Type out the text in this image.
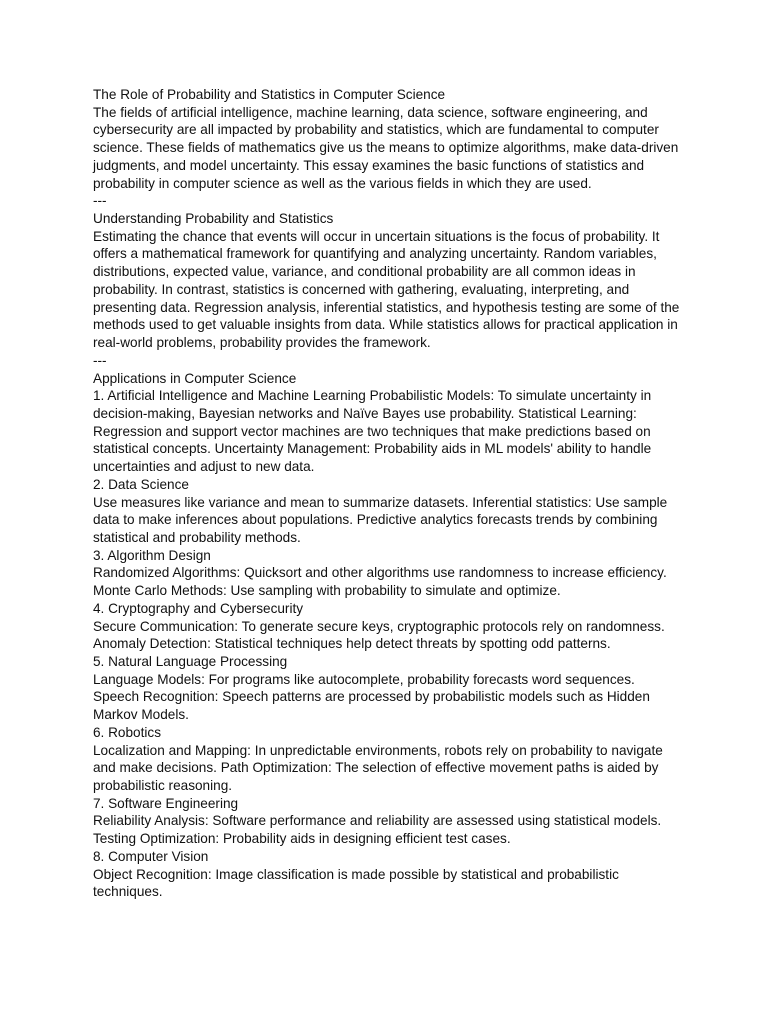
The Role of Probability and Statistics in Computer Science

The fields of artificial intelligence, machine learning, data science, software engineering, and cybersecurity are all impacted by probability and statistics, which are fundamental to computer science. These fields of mathematics give us the means to optimize algorithms, make data-driven judgments, and model uncertainty. This essay examines the basic functions of statistics and probability in computer science as well as the various fields in which they are used.

---

Understanding Probability and Statistics

Estimating the chance that events will occur in uncertain situations is the focus of probability. It offers a mathematical framework for quantifying and analyzing uncertainty. Random variables, distributions, expected value, variance, and conditional probability are all common ideas in probability. In contrast, statistics is concerned with gathering, evaluating, interpreting, and presenting data. Regression analysis, inferential statistics, and hypothesis testing are some of the methods used to get valuable insights from data. While statistics allows for practical application in real-world problems, probability provides the framework.

---

Applications in Computer Science

1. Artificial Intelligence and Machine Learning Probabilistic Models: To simulate uncertainty in decision-making, Bayesian networks and Naïve Bayes use probability. Statistical Learning: Regression and support vector machines are two techniques that make predictions based on statistical concepts. Uncertainty Management: Probability aids in ML models' ability to handle uncertainties and adjust to new data.

2. Data Science

Use measures like variance and mean to summarize datasets. Inferential statistics: Use sample data to make inferences about populations. Predictive analytics forecasts trends by combining statistical and probability methods.

3. Algorithm Design

Randomized Algorithms: Quicksort and other algorithms use randomness to increase efficiency. Monte Carlo Methods: Use sampling with probability to simulate and optimize.

4. Cryptography and Cybersecurity

Secure Communication: To generate secure keys, cryptographic protocols rely on randomness. Anomaly Detection: Statistical techniques help detect threats by spotting odd patterns.

5. Natural Language Processing

Language Models: For programs like autocomplete, probability forecasts word sequences. Speech Recognition: Speech patterns are processed by probabilistic models such as Hidden Markov Models.

6. Robotics

Localization and Mapping: In unpredictable environments, robots rely on probability to navigate and make decisions. Path Optimization: The selection of effective movement paths is aided by probabilistic reasoning.

7. Software Engineering

Reliability Analysis: Software performance and reliability are assessed using statistical models. Testing Optimization: Probability aids in designing efficient test cases.

8. Computer Vision

Object Recognition: Image classification is made possible by statistical and probabilistic techniques.
